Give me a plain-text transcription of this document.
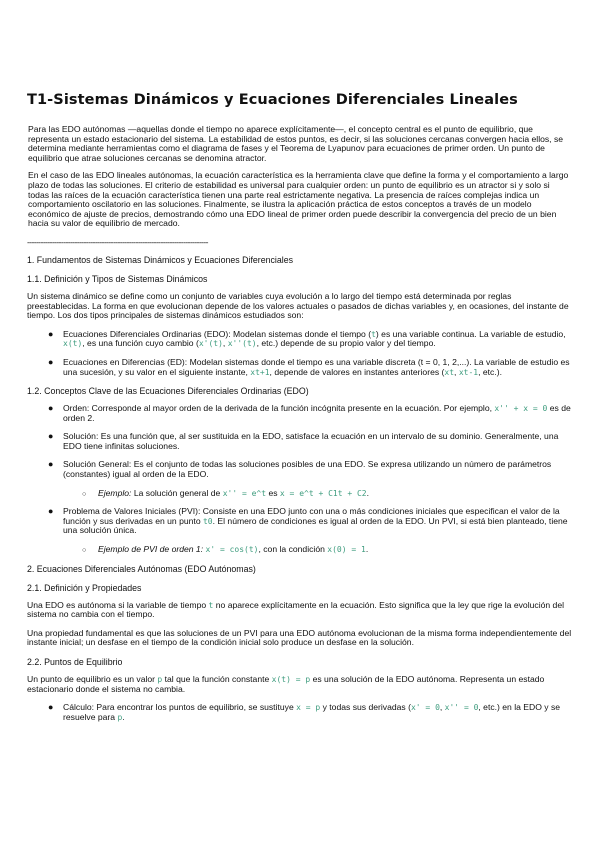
T1-Sistemas Dinámicos y Ecuaciones Diferenciales Lineales

Para las EDO autónomas —aquellas donde el tiempo no aparece explícitamente—, el concepto central es el punto de equilibrio, que representa un estado estacionario del sistema. La estabilidad de estos puntos, es decir, si las soluciones cercanas convergen hacia ellos, se determina mediante herramientas como el diagrama de fases y el Teorema de Lyapunov para ecuaciones de primer orden. Un punto de equilibrio que atrae soluciones cercanas se denomina atractor.

En el caso de las EDO lineales autónomas, la ecuación característica es la herramienta clave que define la forma y el comportamiento a largo plazo de todas las soluciones. El criterio de estabilidad es universal para cualquier orden: un punto de equilibrio es un atractor si y solo si todas las raíces de la ecuación característica tienen una parte real estrictamente negativa. La presencia de raíces complejas indica un comportamiento oscilatorio en las soluciones. Finalmente, se ilustra la aplicación práctica de estos conceptos a través de un modelo económico de ajuste de precios, demostrando cómo una EDO lineal de primer orden puede describir la convergencia del precio de un bien hacia su valor de equilibrio de mercado.

--------------------------------------------------------------------------------
1. Fundamentos de Sistemas Dinámicos y Ecuaciones Diferenciales
1.1. Definición y Tipos de Sistemas Dinámicos

Un sistema dinámico se define como un conjunto de variables cuya evolución a lo largo del tiempo está determinada por reglas preestablecidas. La forma en que evolucionan depende de los valores actuales o pasados de dichas variables y, en ocasiones, del instante de tiempo. Los dos tipos principales de sistemas dinámicos estudiados son:

● Ecuaciones Diferenciales Ordinarias (EDO): Modelan sistemas donde el tiempo (t) es una variable continua. La variable de estudio, x(t), es una función cuyo cambio (x'(t), x''(t), etc.) depende de su propio valor y del tiempo.
● Ecuaciones en Diferencias (ED): Modelan sistemas donde el tiempo es una variable discreta (t = 0, 1, 2,...). La variable de estudio es una sucesión, y su valor en el siguiente instante, xt+1, depende de valores en instantes anteriores (xt, xt-1, etc.).
1.2. Conceptos Clave de las Ecuaciones Diferenciales Ordinarias (EDO)
● Orden: Corresponde al mayor orden de la derivada de la función incógnita presente en la ecuación. Por ejemplo, x'' + x = 0 es de orden 2.
● Solución: Es una función que, al ser sustituida en la EDO, satisface la ecuación en un intervalo de su dominio. Generalmente, una EDO tiene infinitas soluciones.
● Solución General: Es el conjunto de todas las soluciones posibles de una EDO. Se expresa utilizando un número de parámetros (constantes) igual al orden de la EDO.
○ Ejemplo: La solución general de x'' = e^t es x = e^t + C1t + C2.
● Problema de Valores Iniciales (PVI): Consiste en una EDO junto con una o más condiciones iniciales que especifican el valor de la función y sus derivadas en un punto t0. El número de condiciones es igual al orden de la EDO. Un PVI, si está bien planteado, tiene una solución única.
○ Ejemplo de PVI de orden 1: x' = cos(t), con la condición x(0) = 1.
2. Ecuaciones Diferenciales Autónomas (EDO Autónomas)
2.1. Definición y Propiedades

Una EDO es autónoma si la variable de tiempo t no aparece explícitamente en la ecuación. Esto significa que la ley que rige la evolución del sistema no cambia con el tiempo.

Una propiedad fundamental es que las soluciones de un PVI para una EDO autónoma evolucionan de la misma forma independientemente del instante inicial; un desfase en el tiempo de la condición inicial solo produce un desfase en la solución.

2.2. Puntos de Equilibrio

Un punto de equilibrio es un valor p tal que la función constante x(t) = p es una solución de la EDO autónoma. Representa un estado estacionario donde el sistema no cambia.

● Cálculo: Para encontrar los puntos de equilibrio, se sustituye x = p y todas sus derivadas (x' = 0, x'' = 0, etc.) en la EDO y se resuelve para p.
